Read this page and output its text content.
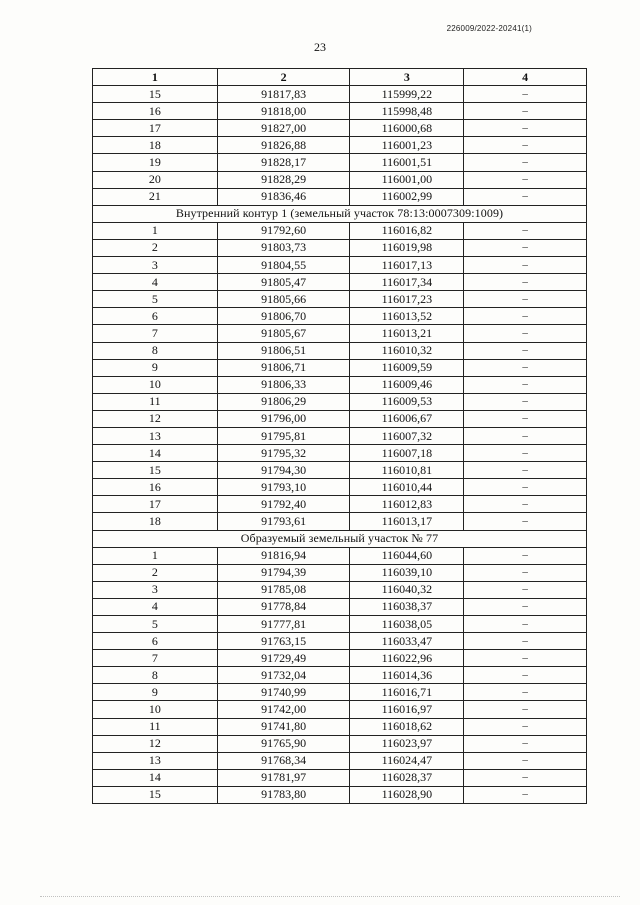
226009/2022-20241(1)
23
1	2	3	4
15	91817,83	115999,22	–
16	91818,00	115998,48	–
17	91827,00	116000,68	–
18	91826,88	116001,23	–
19	91828,17	116001,51	–
20	91828,29	116001,00	–
21	91836,46	116002,99	–
Внутренний контур 1 (земельный участок 78:13:0007309:1009)			
1	91792,60	116016,82	–
2	91803,73	116019,98	–
3	91804,55	116017,13	–
4	91805,47	116017,34	–
5	91805,66	116017,23	–
6	91806,70	116013,52	–
7	91805,67	116013,21	–
8	91806,51	116010,32	–
9	91806,71	116009,59	–
10	91806,33	116009,46	–
11	91806,29	116009,53	–
12	91796,00	116006,67	–
13	91795,81	116007,32	–
14	91795,32	116007,18	–
15	91794,30	116010,81	–
16	91793,10	116010,44	–
17	91792,40	116012,83	–
18	91793,61	116013,17	–
Образуемый земельный участок № 77			
1	91816,94	116044,60	–
2	91794,39	116039,10	–
3	91785,08	116040,32	–
4	91778,84	116038,37	–
5	91777,81	116038,05	–
6	91763,15	116033,47	–
7	91729,49	116022,96	–
8	91732,04	116014,36	–
9	91740,99	116016,71	–
10	91742,00	116016,97	–
11	91741,80	116018,62	–
12	91765,90	116023,97	–
13	91768,34	116024,47	–
14	91781,97	116028,37	–
15	91783,80	116028,90	–
